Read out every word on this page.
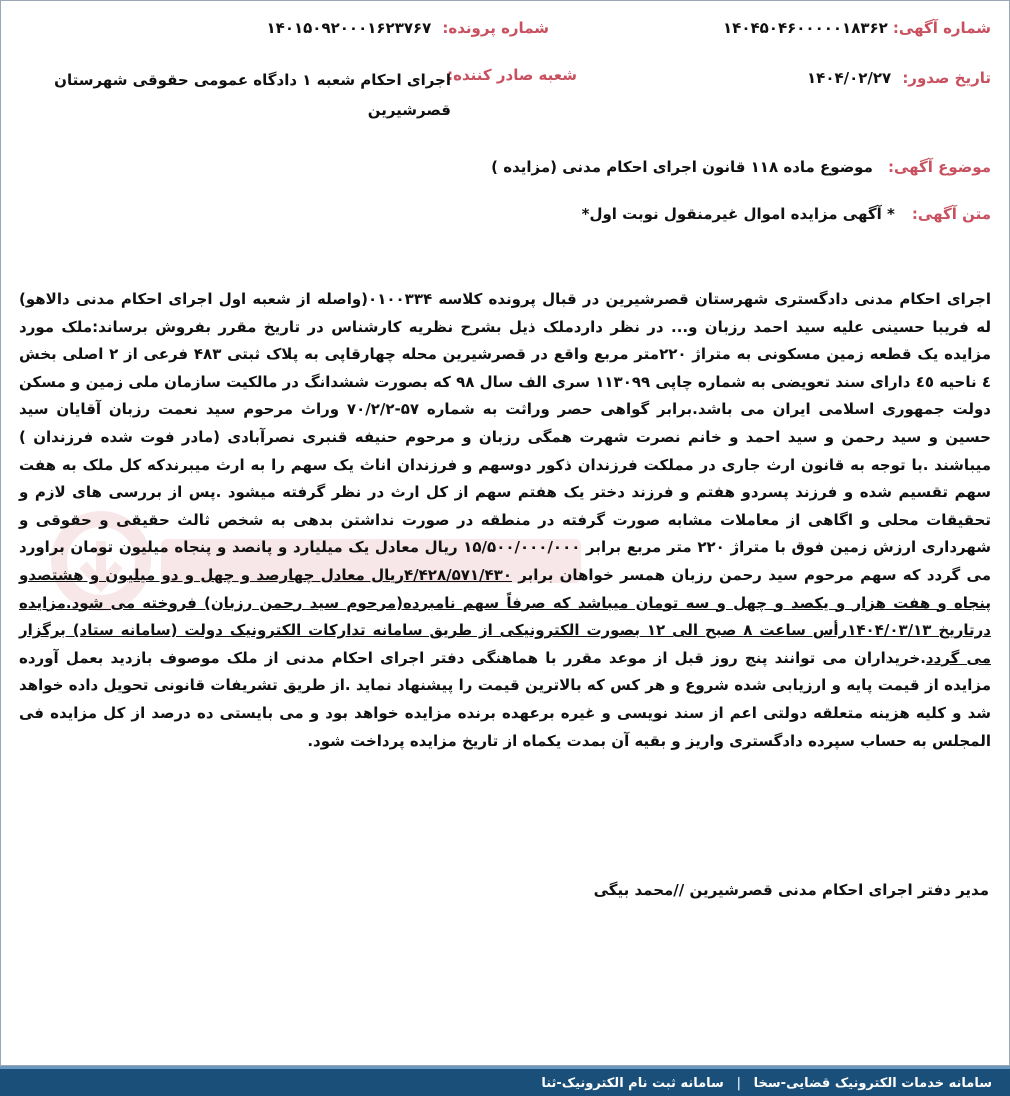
شماره آگهی: ۱۴۰۴۵۰۴۶۰۰۰۰۰۱۸۳۶۲
شماره پرونده: ۱۴۰۱۵۰۹۲۰۰۰۱۶۲۳۷۶۷
تاریخ صدور: ۱۴۰۴/۰۲/۲۷
شعبه صادر کننده:
اجرای احکام شعبه ۱ دادگاه عمومی حقوقی شهرستان
قصرشیرین
موضوع آگهی: موضوع ماده ۱۱۸ قانون اجرای احکام مدنی (مزایده )
متن آگهی: * آگهی مزایده اموال غیرمنقول نوبت اول*

اجرای احکام مدنی دادگستری شهرستان قصرشیرین در قبال پرونده کلاسه ۰۱۰۰۳۳۴(واصله از شعبه اول اجرای احکام مدنی دالاهو) له فریبا حسینی علیه سید احمد رزبان و... در نظر داردملک ذیل بشرح نظریه کارشناس در تاریخ مقرر بفروش برساند:ملک مورد مزایده یک قطعه زمین مسکونی به متراژ ۲۲۰متر مربع واقع در قصرشیرین محله چهارقاپی به پلاک ثبتی ۴۸۳ فرعی از ۲ اصلی بخش ٤ ناحیه ٤٥ دارای سند تعویضی به شماره چاپی ۱۱۳۰۹۹ سری الف سال ۹۸ که بصورت ششدانگ در مالکیت سازمان ملی زمین و مسکن دولت جمهوری اسلامی ایران می باشد.برابر گواهی حصر وراثت به شماره ۵۷-۷۰/۲/۲ وراث مرحوم سید نعمت رزبان آقایان سید حسین و سید رحمن و سید احمد و خانم نصرت شهرت همگی رزبان و مرحوم حنیفه قنبری نصرآبادی (مادر فوت شده فرزندان ) میباشند .با توجه به قانون ارث جاری در مملکت فرزندان ذکور دوسهم و فرزندان اناث یک سهم را به ارث میبرندکه کل ملک به هفت سهم تقسیم شده و فرزند پسردو هفتم و فرزند دختر یک هفتم سهم از کل ارث در نظر گرفته میشود .پس از بررسی های لازم و تحقیقات محلی و اگاهی از معاملات مشابه صورت گرفته در منطقه در صورت نداشتن بدهی به شخص ثالث حقیقی و حقوقی و شهرداری ارزش زمین فوق با متراژ ۲۲۰ متر مربع برابر ۱۵/۵۰۰/۰۰۰/۰۰۰ ریال معادل یک میلیارد و پانصد و پنجاه میلیون تومان براورد می گردد که سهم مرحوم سید رحمن رزبان همسر خواهان برابر ۴/۴۲۸/۵۷۱/۴۳۰ریال معادل چهارصد و چهل و دو میلیون و هشتصدو پنجاه و هفت هزار و یکصد و چهل و سه تومان میباشد که صرفاً سهم نامبرده(مرحوم سید رحمن رزبان) فروخته می شود.مزایده درتاریخ ۱۴۰۴/۰۳/۱۳رأس ساعت ۸ صبح الی ۱۲ بصورت الکترونیکی از طریق سامانه تدارکات الکترونیک دولت (سامانه ستاد) برگزار می گردد.خریداران می توانند پنج روز قبل از موعد مقرر با هماهنگی دفتر اجرای احکام مدنی از ملک موصوف بازدید بعمل آورده مزایده از قیمت پایه و ارزیابی شده شروع و هر کس که بالاترین قیمت را پیشنهاد نماید .از طریق تشریفات قانونی تحویل داده خواهد شد و کلیه هزینه متعلقه دولتی اعم از سند نویسی و غیره برعهده برنده مزایده خواهد بود و می بایستی ده درصد از کل مزایده فی المجلس به حساب سپرده دادگستری واریز و بقیه آن بمدت یکماه از تاریخ مزایده پرداخت شود.

مدیر دفتر اجرای احکام مدنی قصرشیرین //محمد بیگی
سامانه خدمات الکترونیک قضایی-سخا | سامانه ثبت نام الکترونیک-ثنا
